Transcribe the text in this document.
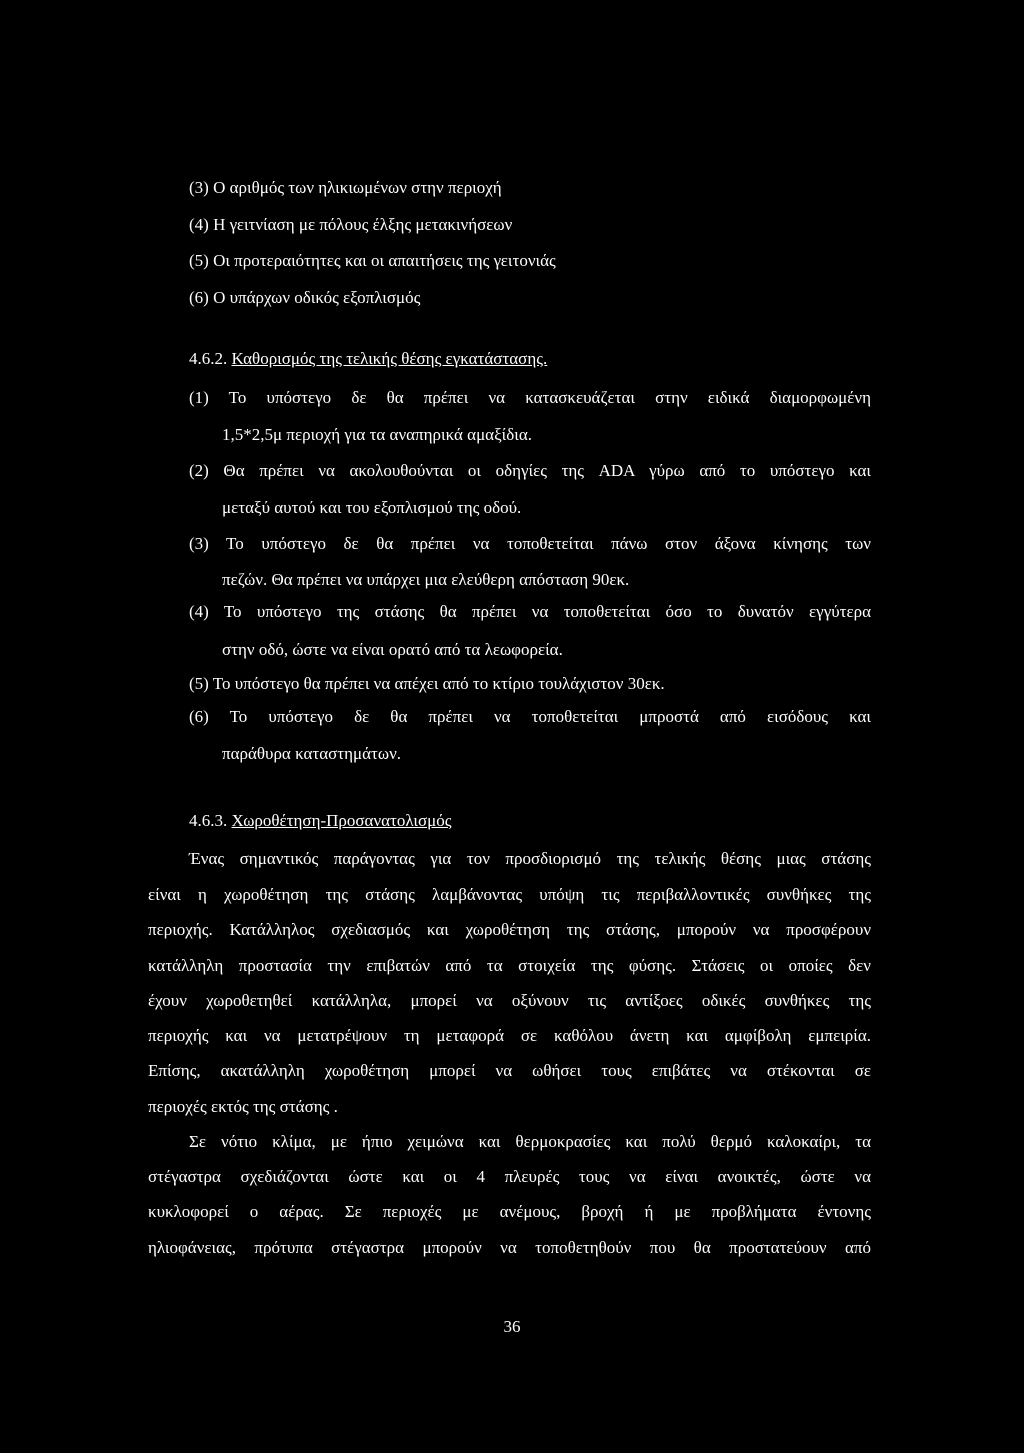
(3) Ο αριθμός των ηλικιωμένων στην περιοχή
(4) Η γειτνίαση με πόλους έλξης μετακινήσεων
(5) Οι προτεραιότητες και οι απαιτήσεις της γειτονιάς
(6) Ο υπάρχων οδικός εξοπλισμός
4.6.2. Καθορισμός της τελικής θέσης εγκατάστασης.
(1) Το υπόστεγο δε θα πρέπει να κατασκευάζεται στην ειδικά διαμορφωμένη
1,5*2,5μ περιοχή για τα αναπηρικά αμαξίδια.
(2) Θα πρέπει να ακολουθούνται οι οδηγίες της ADA γύρω από το υπόστεγο και
μεταξύ αυτού και του εξοπλισμού της οδού.
(3) Το υπόστεγο δε θα πρέπει να τοποθετείται πάνω στον άξονα κίνησης των
πεζών. Θα πρέπει να υπάρχει μια ελεύθερη απόσταση 90εκ.
(4) Το υπόστεγο της στάσης θα πρέπει να τοποθετείται όσο το δυνατόν εγγύτερα
στην οδό, ώστε να είναι ορατό από τα λεωφορεία.
(5) Το υπόστεγο θα πρέπει να απέχει από το κτίριο τουλάχιστον 30εκ.
(6) Το υπόστεγο δε θα πρέπει να τοποθετείται μπροστά από εισόδους και
παράθυρα καταστημάτων.
4.6.3. Χωροθέτηση-Προσανατολισμός
Ένας σημαντικός παράγοντας για τον προσδιορισμό της τελικής θέσης μιας στάσης
είναι η χωροθέτηση της στάσης λαμβάνοντας υπόψη τις περιβαλλοντικές συνθήκες της
περιοχής. Κατάλληλος σχεδιασμός και χωροθέτηση της στάσης, μπορούν να προσφέρουν
κατάλληλη προστασία την επιβατών από τα στοιχεία της φύσης. Στάσεις οι οποίες δεν
έχουν χωροθετηθεί κατάλληλα, μπορεί να οξύνουν τις αντίξοες οδικές συνθήκες της
περιοχής και να μετατρέψουν τη μεταφορά σε καθόλου άνετη και αμφίβολη εμπειρία.
Επίσης, ακατάλληλη χωροθέτηση μπορεί να ωθήσει τους επιβάτες να στέκονται σε
περιοχές εκτός της στάσης .
Σε νότιο κλίμα, με ήπιο χειμώνα και θερμοκρασίες και πολύ θερμό καλοκαίρι, τα
στέγαστρα σχεδιάζονται ώστε και οι 4 πλευρές τους να είναι ανοικτές, ώστε να
κυκλοφορεί ο αέρας. Σε περιοχές με ανέμους, βροχή ή με προβλήματα έντονης
ηλιοφάνειας, πρότυπα στέγαστρα μπορούν να τοποθετηθούν που θα προστατεύουν από
36
